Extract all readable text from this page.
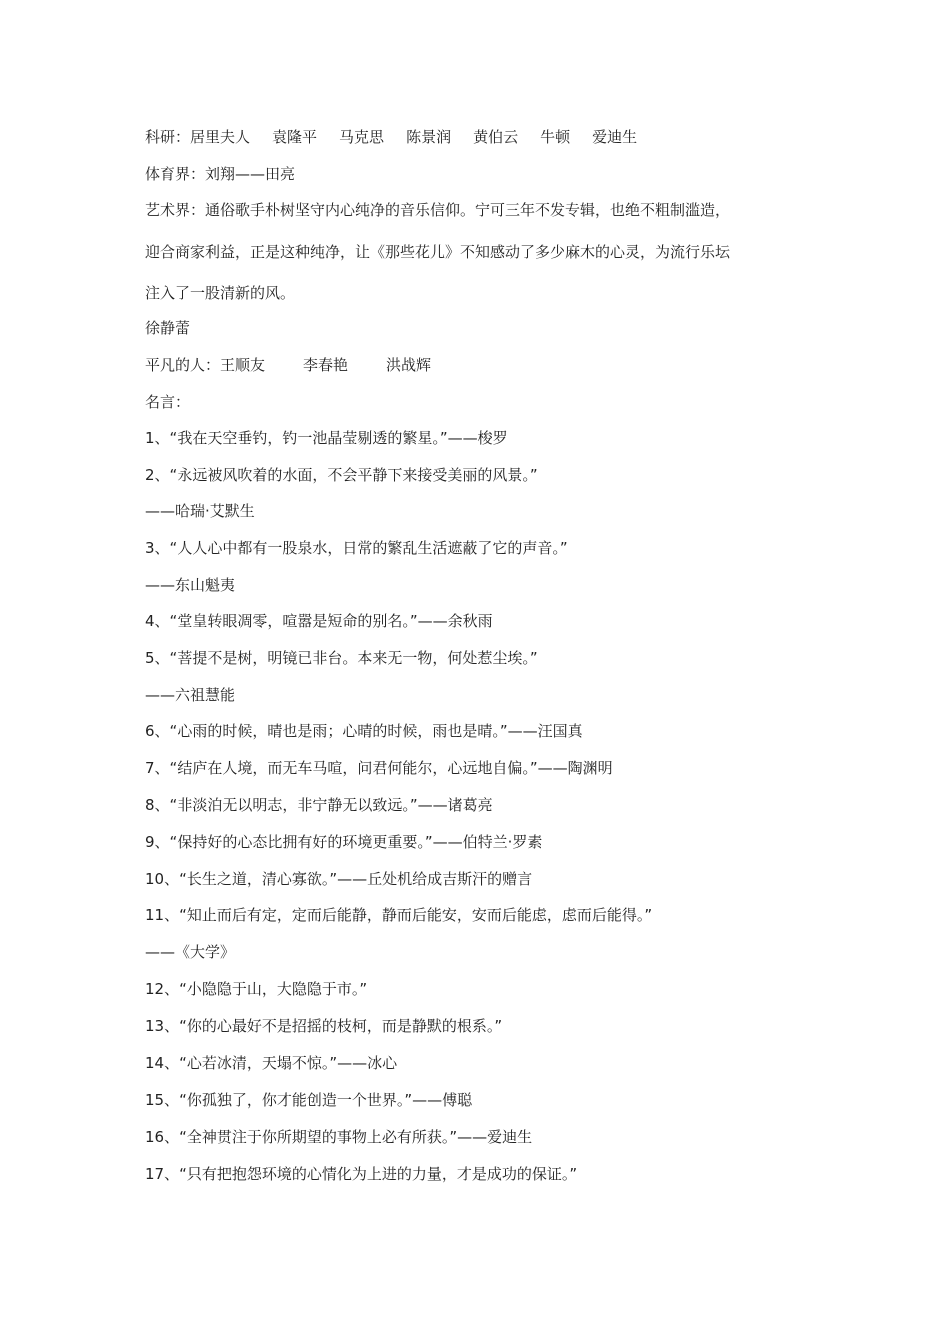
科研：居里夫人 袁隆平 马克思 陈景润 黄伯云 牛顿 爱迪生
体育界：刘翔——田亮
艺术界：通俗歌手朴树坚守内心纯净的音乐信仰。宁可三年不发专辑，也绝不粗制滥造，
迎合商家利益，正是这种纯净，让《那些花儿》不知感动了多少麻木的心灵，为流行乐坛
注入了一股清新的风。
徐静蕾
平凡的人：王顺友	李春艳	洪战辉
名言：
1、“我在天空垂钓，钓一池晶莹剔透的繁星。”——梭罗
2、“永远被风吹着的水面，不会平静下来接受美丽的风景。”
——哈瑞·艾默生
3、“人人心中都有一股泉水，日常的繁乱生活遮蔽了它的声音。”
——东山魁夷
4、“堂皇转眼凋零，喧嚣是短命的别名。”——余秋雨
5、“菩提不是树，明镜已非台。本来无一物，何处惹尘埃。”
——六祖慧能
6、“心雨的时候，晴也是雨；心晴的时候，雨也是晴。”——汪国真
7、“结庐在人境，而无车马喧，问君何能尔，心远地自偏。”——陶渊明
8、“非淡泊无以明志，非宁静无以致远。”——诸葛亮
9、“保持好的心态比拥有好的环境更重要。”——伯特兰·罗素
10、“长生之道，清心寡欲。”——丘处机给成吉斯汗的赠言
11、“知止而后有定，定而后能静，静而后能安，安而后能虑，虑而后能得。”
——《大学》
12、“小隐隐于山，大隐隐于市。”
13、“你的心最好不是招摇的枝柯，而是静默的根系。”
14、“心若冰清，天塌不惊。”——冰心
15、“你孤独了，你才能创造一个世界。”——傅聪
16、“全神贯注于你所期望的事物上必有所获。”——爱迪生
17、“只有把抱怨环境的心情化为上进的力量，才是成功的保证。”
